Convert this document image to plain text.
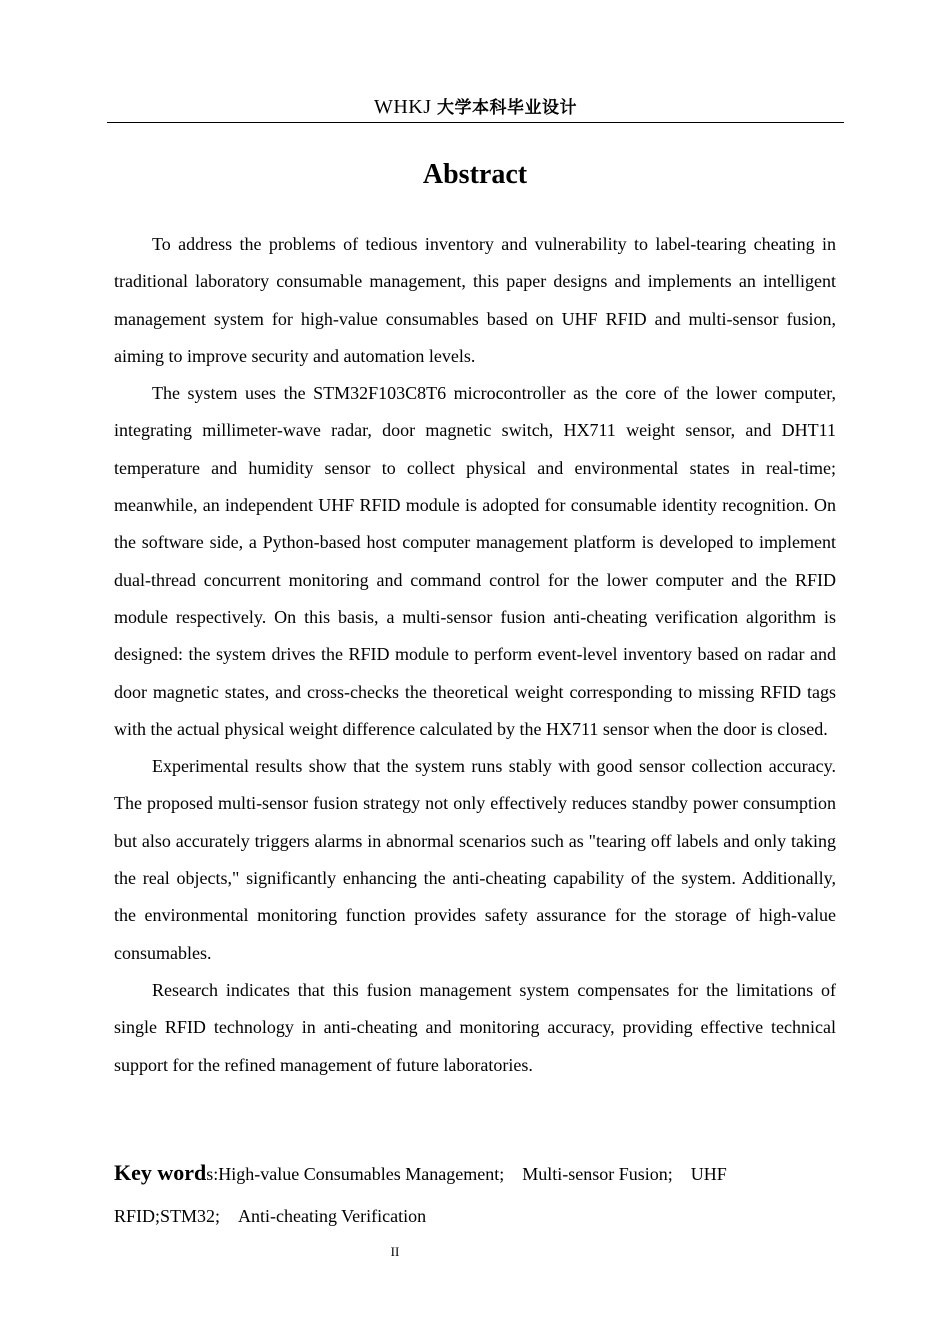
WHKJ 大学本科毕业设计
Abstract

To address the problems of tedious inventory and vulnerability to label-tearing cheating in traditional laboratory consumable management, this paper designs and implements an intelligent management system for high-value consumables based on UHF RFID and multi-sensor fusion, aiming to improve security and automation levels.

The system uses the STM32F103C8T6 microcontroller as the core of the lower computer, integrating millimeter-wave radar, door magnetic switch, HX711 weight sensor, and DHT11 temperature and humidity sensor to collect physical and environmental states in real-time; meanwhile, an independent UHF RFID module is adopted for consumable identity recognition. On the software side, a Python-based host computer management platform is developed to implement dual-thread concurrent monitoring and command control for the lower computer and the RFID module respectively. On this basis, a multi-sensor fusion anti-cheating verification algorithm is designed: the system drives the RFID module to perform event-level inventory based on radar and door magnetic states, and cross-checks the theoretical weight corresponding to missing RFID tags with the actual physical weight difference calculated by the HX711 sensor when the door is closed.

Experimental results show that the system runs stably with good sensor collection accuracy. The proposed multi-sensor fusion strategy not only effectively reduces standby power consumption but also accurately triggers alarms in abnormal scenarios such as "tearing off labels and only taking the real objects," significantly enhancing the anti-cheating capability of the system. Additionally, the environmental monitoring function provides safety assurance for the storage of high-value consumables.

Research indicates that this fusion management system compensates for the limitations of single RFID technology in anti-cheating and monitoring accuracy, providing effective technical support for the refined management of future laboratories.

Key words:High-value Consumables Management; Multi-sensor Fusion; UHF RFID;STM32; Anti-cheating Verification
II
